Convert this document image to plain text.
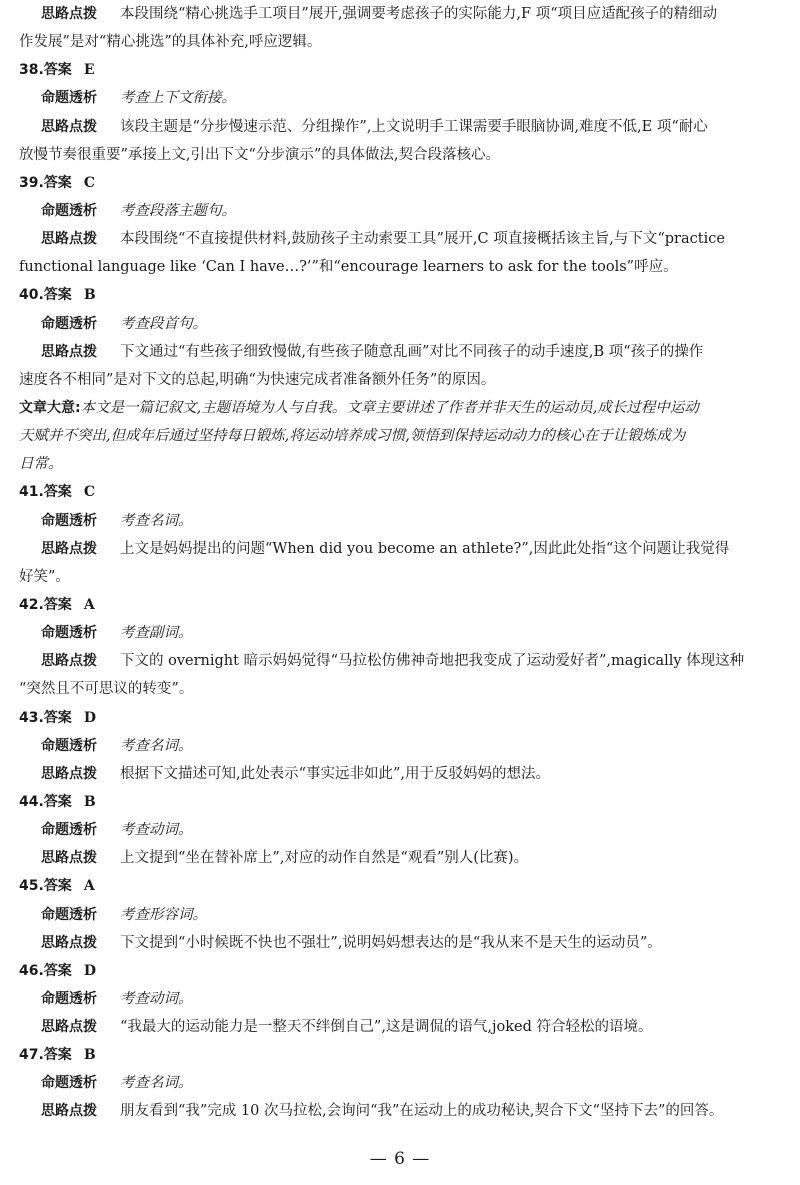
思路点拨 本段围绕“精心挑选手工项目”展开,强调要考虑孩子的实际能力,F 项“项目应适配孩子的精细动
作发展”是对“精心挑选”的具体补充,呼应逻辑。
38.答案 E
命题透析 考查上下文衔接。
思路点拨 该段主题是“分步慢速示范、分组操作”,上文说明手工课需要手眼脑协调,难度不低,E 项“耐心
放慢节奏很重要”承接上文,引出下文“分步演示”的具体做法,契合段落核心。
39.答案 C
命题透析 考查段落主题句。
思路点拨 本段围绕“不直接提供材料,鼓励孩子主动索要工具”展开,C 项直接概括该主旨,与下文“practice
functional language like ‘Can I have…?’”和“encourage learners to ask for the tools”呼应。
40.答案 B
命题透析 考查段首句。
思路点拨 下文通过“有些孩子细致慢做,有些孩子随意乱画”对比不同孩子的动手速度,B 项“孩子的操作
速度各不相同”是对下文的总起,明确“为快速完成者准备额外任务”的原因。
文章大意:本文是一篇记叙文,主题语境为人与自我。文章主要讲述了作者并非天生的运动员,成长过程中运动
天赋并不突出,但成年后通过坚持每日锻炼,将运动培养成习惯,领悟到保持运动动力的核心在于让锻炼成为
日常。
41.答案 C
命题透析 考查名词。
思路点拨 上文是妈妈提出的问题“When did you become an athlete?”,因此此处指“这个问题让我觉得
好笑”。
42.答案 A
命题透析 考查副词。
思路点拨 下文的 overnight 暗示妈妈觉得“马拉松仿佛神奇地把我变成了运动爱好者”,magically 体现这种
“突然且不可思议的转变”。
43.答案 D
命题透析 考查名词。
思路点拨 根据下文描述可知,此处表示“事实远非如此”,用于反驳妈妈的想法。
44.答案 B
命题透析 考查动词。
思路点拨 上文提到“坐在替补席上”,对应的动作自然是“观看”别人(比赛)。
45.答案 A
命题透析 考查形容词。
思路点拨 下文提到“小时候既不快也不强壮”,说明妈妈想表达的是“我从来不是天生的运动员”。
46.答案 D
命题透析 考查动词。
思路点拨 “我最大的运动能力是一整天不绊倒自己”,这是调侃的语气,joked 符合轻松的语境。
47.答案 B
命题透析 考查名词。
思路点拨 朋友看到“我”完成 10 次马拉松,会询问“我”在运动上的成功秘诀,契合下文“坚持下去”的回答。
— 6 —
